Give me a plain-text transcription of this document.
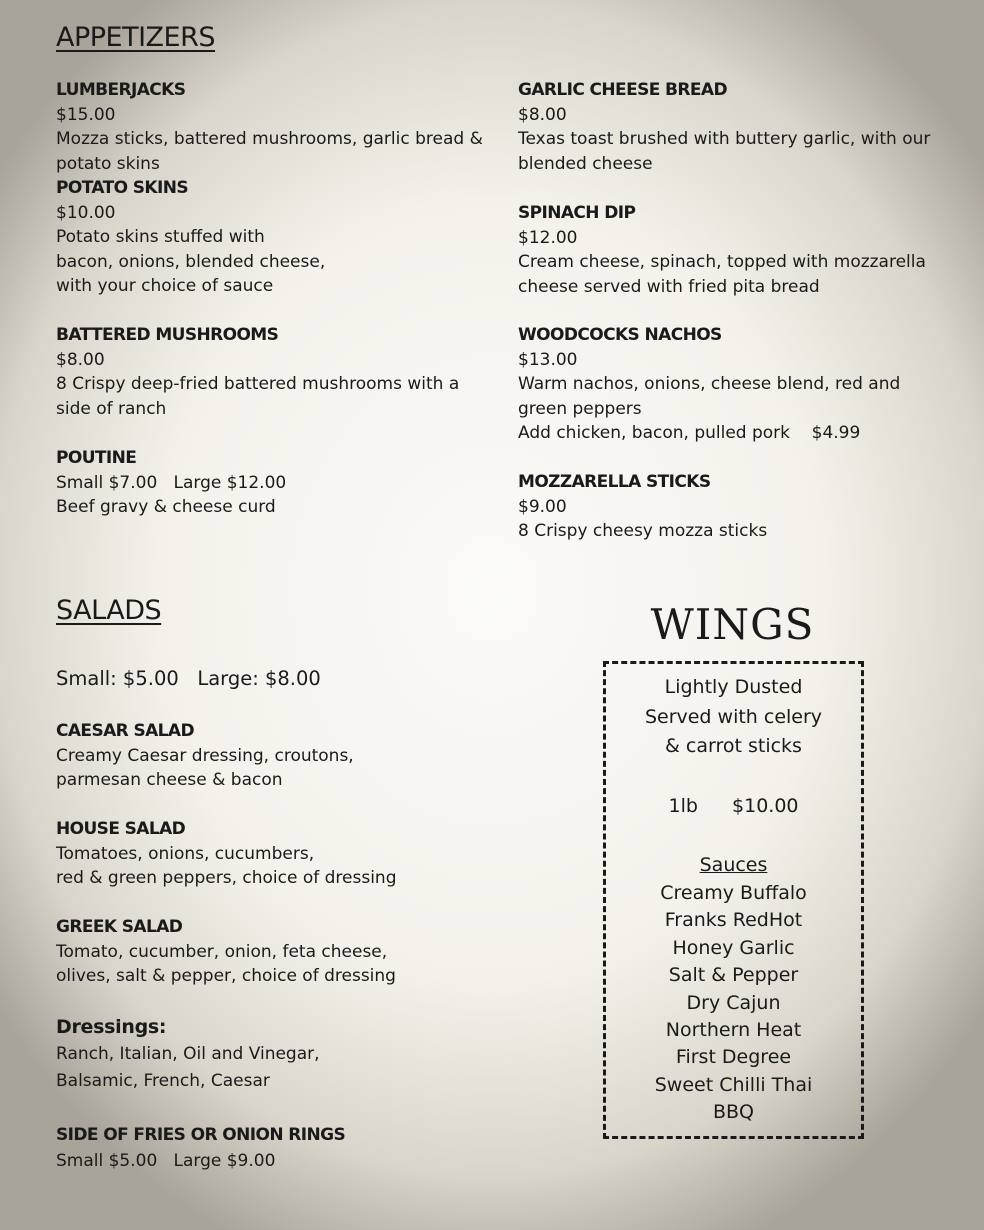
APPETIZERS
LUMBERJACKS
$15.00
Mozza sticks, battered mushrooms, garlic bread &
potato skins
POTATO SKINS
$10.00
Potato skins stuffed with
bacon, onions, blended cheese,
with your choice of sauce
BATTERED MUSHROOMS
$8.00
8 Crispy deep-fried battered mushrooms with a
side of ranch
POUTINE
Small $7.00   Large $12.00
Beef gravy & cheese curd
GARLIC CHEESE BREAD
$8.00
Texas toast brushed with buttery garlic, with our
blended cheese
SPINACH DIP
$12.00
Cream cheese, spinach, topped with mozzarella
cheese served with fried pita bread
WOODCOCKS NACHOS
$13.00
Warm nachos, onions, cheese blend, red and
green peppers
Add chicken, bacon, pulled pork    $4.99
MOZZARELLA STICKS
$9.00
8 Crispy cheesy mozza sticks
SALADS
Small: $5.00   Large: $8.00
CAESAR SALAD
Creamy Caesar dressing, croutons,
parmesan cheese & bacon
HOUSE SALAD
Tomatoes, onions, cucumbers,
red & green peppers, choice of dressing
GREEK SALAD
Tomato, cucumber, onion, feta cheese,
olives, salt & pepper, choice of dressing
Dressings:
Ranch, Italian, Oil and Vinegar,
Balsamic, French, Caesar
SIDE OF FRIES OR ONION RINGS
Small $5.00   Large $9.00
WINGS
Lightly Dusted
Served with celery
& carrot sticks
1lb $10.00
Sauces
Creamy Buffalo
Franks RedHot
Honey Garlic
Salt & Pepper
Dry Cajun
Northern Heat
First Degree
Sweet Chilli Thai
BBQ
